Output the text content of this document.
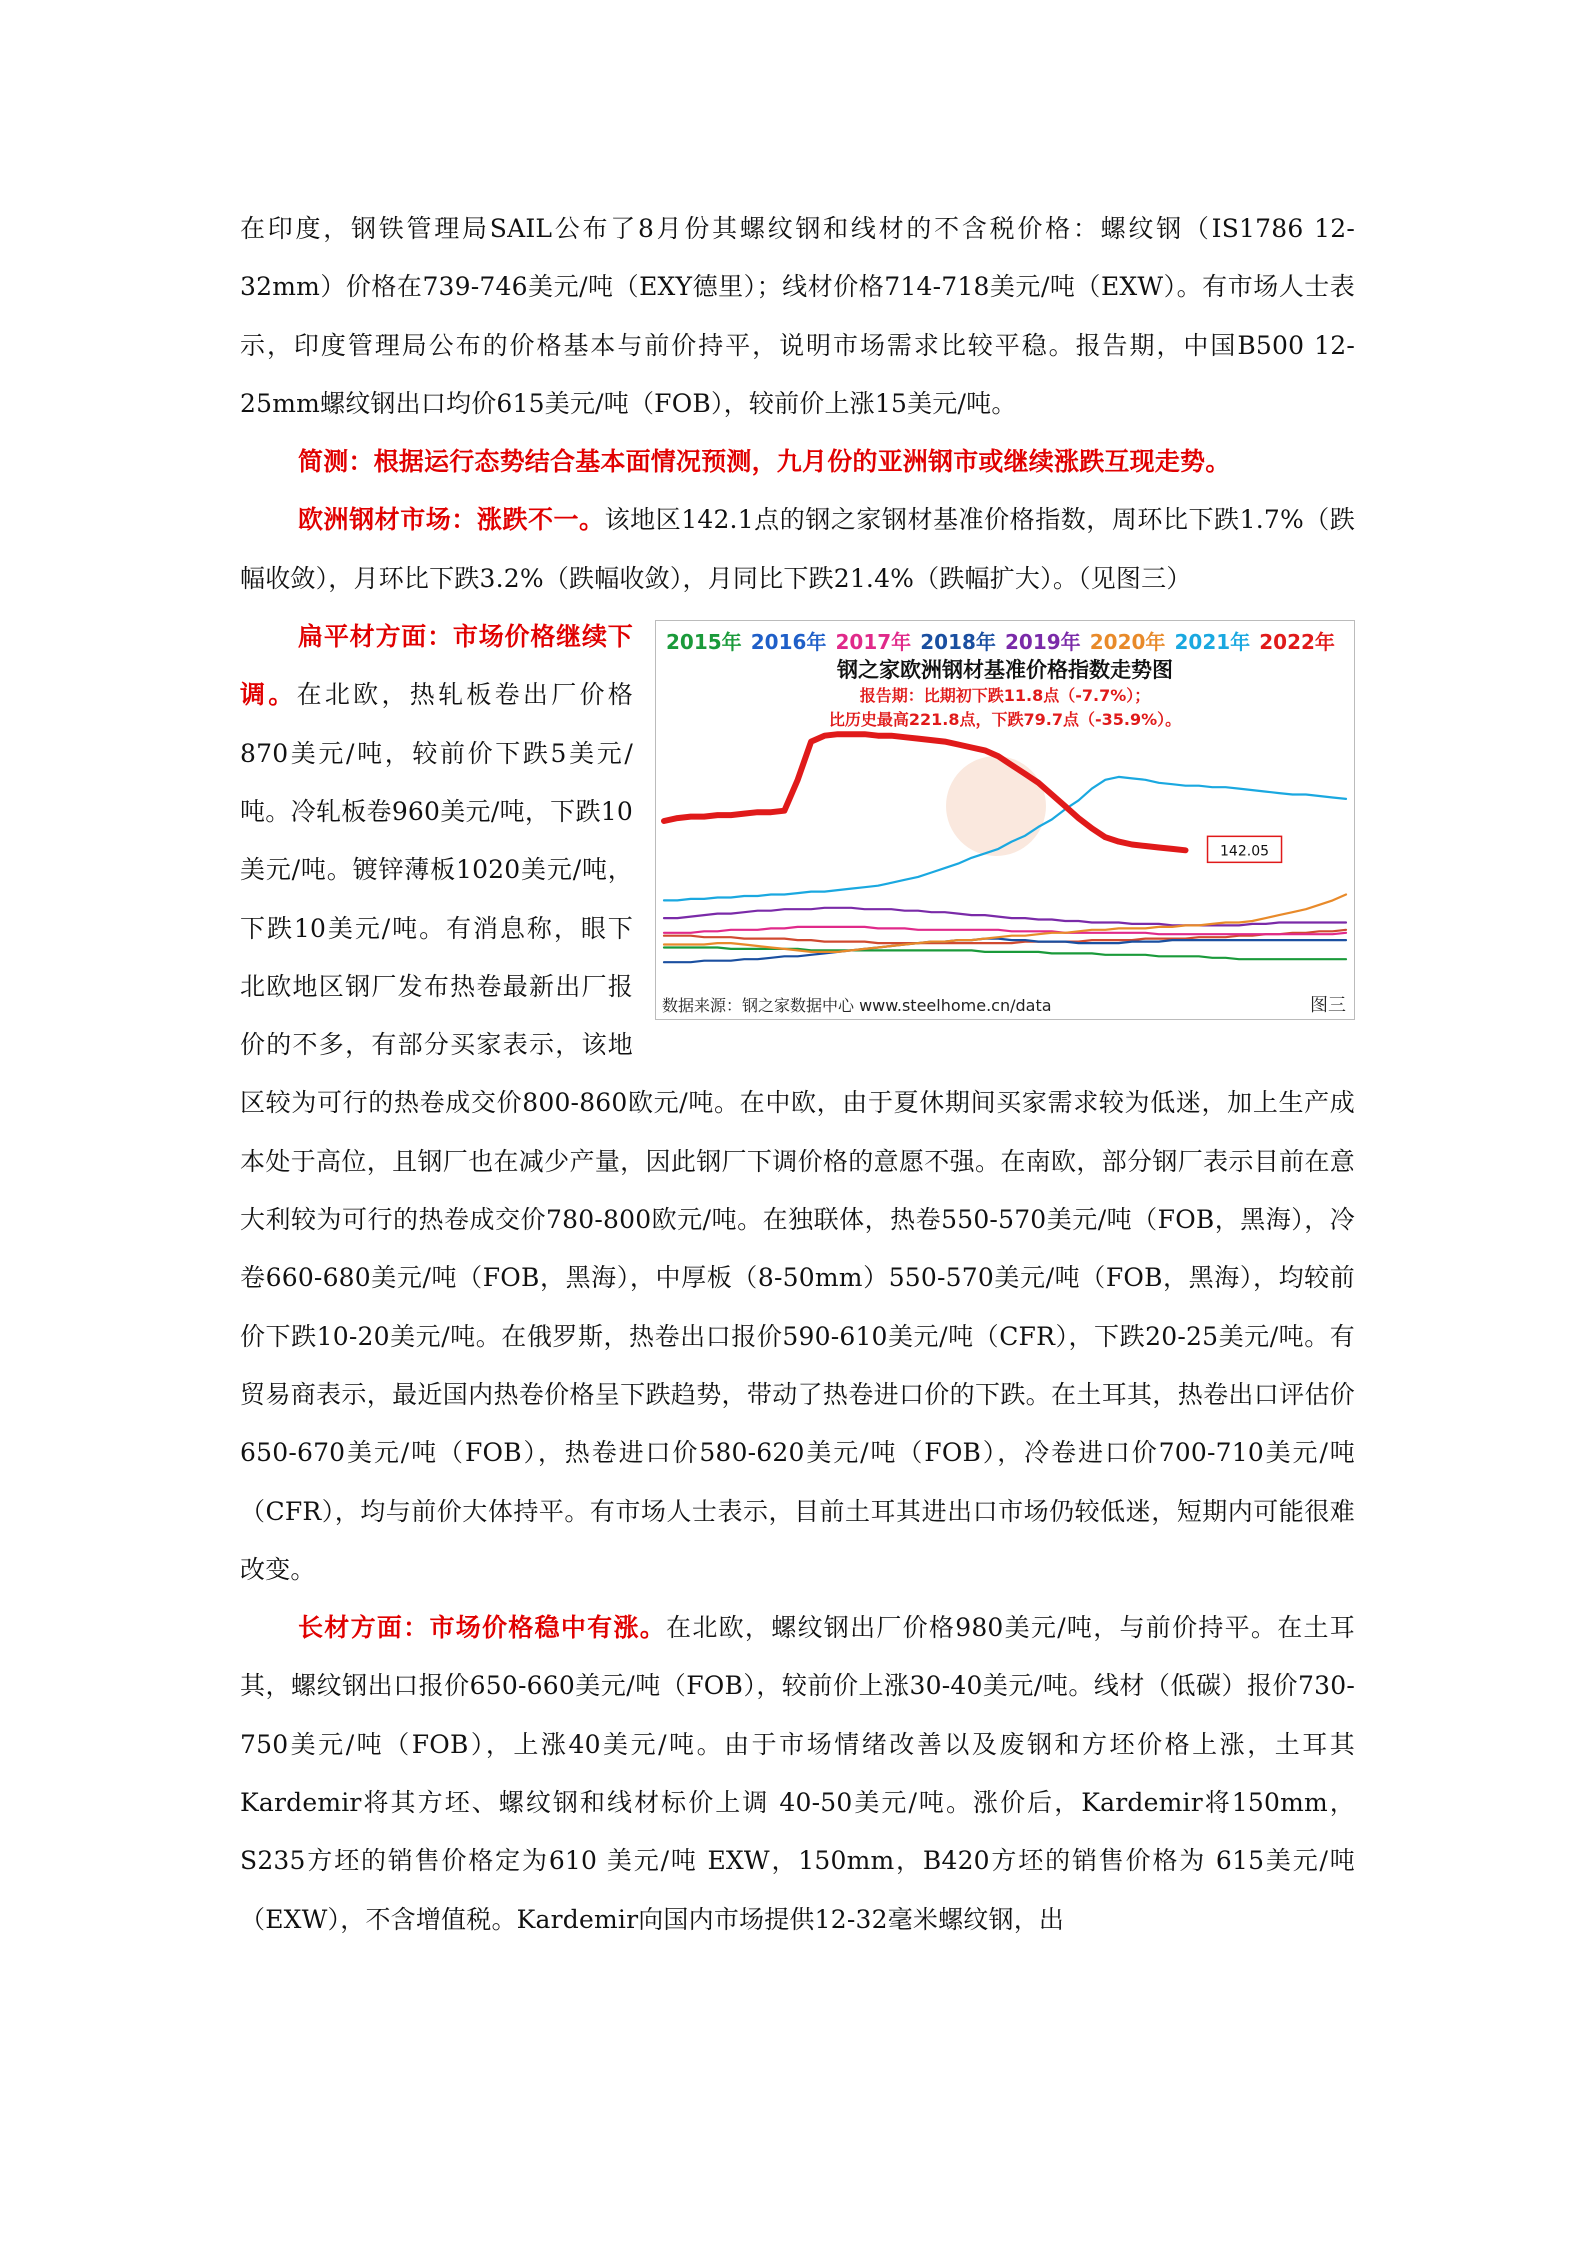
在印度，钢铁管理局SAIL公布了8月份其螺纹钢和线材的不含税价格：螺纹钢（IS1786 12-32mm）价格在739-746美元/吨（EXY德里）；线材价格714-718美元/吨（EXW）。有市场人士表示，印度管理局公布的价格基本与前价持平，说明市场需求比较平稳。报告期，中国B500 12-25mm螺纹钢出口均价615美元/吨（FOB），较前价上涨15美元/吨。

简测：根据运行态势结合基本面情况预测，九月份的亚洲钢市或继续涨跌互现走势。

欧洲钢材市场：涨跌不一。该地区142.1点的钢之家钢材基准价格指数，周环比下跌1.7%（跌幅收敛），月环比下跌3.2%（跌幅收敛），月同比下跌21.4%（跌幅扩大）。（见图三）

2015年 2016年 2017年 2018年 2019年 2020年 2021年 2022年
钢之家欧洲钢材基准价格指数走势图
报告期：比期初下跌11.8点（-7.7%）；
比历史最高221.8点，下跌79.7点（-35.9%）。
142.05
数据来源：钢之家数据中心 www.steelhome.cn/data	图三

扁平材方面：市场价格继续下调。在北欧，热轧板卷出厂价格870美元/吨，较前价下跌5美元/吨。冷轧板卷960美元/吨，下跌10美元/吨。镀锌薄板1020美元/吨，下跌10美元/吨。有消息称，眼下北欧地区钢厂发布热卷最新出厂报价的不多，有部分买家表示，该地区较为可行的热卷成交价800-860欧元/吨。在中欧，由于夏休期间买家需求较为低迷，加上生产成本处于高位，且钢厂也在减少产量，因此钢厂下调价格的意愿不强。在南欧，部分钢厂表示目前在意大利较为可行的热卷成交价780-800欧元/吨。在独联体，热卷550-570美元/吨（FOB，黑海），冷卷660-680美元/吨（FOB，黑海），中厚板（8-50mm）550-570美元/吨（FOB，黑海），均较前价下跌10-20美元/吨。在俄罗斯，热卷出口报价590-610美元/吨（CFR），下跌20-25美元/吨。有贸易商表示，最近国内热卷价格呈下跌趋势，带动了热卷进口价的下跌。在土耳其，热卷出口评估价650-670美元/吨（FOB），热卷进口价580-620美元/吨（FOB），冷卷进口价700-710美元/吨（CFR），均与前价大体持平。有市场人士表示，目前土耳其进出口市场仍较低迷，短期内可能很难改变。

长材方面：市场价格稳中有涨。在北欧，螺纹钢出厂价格980美元/吨，与前价持平。在土耳其，螺纹钢出口报价650-660美元/吨（FOB），较前价上涨30-40美元/吨。线材（低碳）报价730-750美元/吨（FOB），上涨40美元/吨。由于市场情绪改善以及废钢和方坯价格上涨，土耳其Kardemir将其方坯、螺纹钢和线材标价上调 40-50美元/吨。涨价后，Kardemir将150mm，S235方坯的销售价格定为610 美元/吨 EXW，150mm，B420方坯的销售价格为 615美元/吨（EXW），不含增值税。Kardemir向国内市场提供12-32毫米螺纹钢，出
